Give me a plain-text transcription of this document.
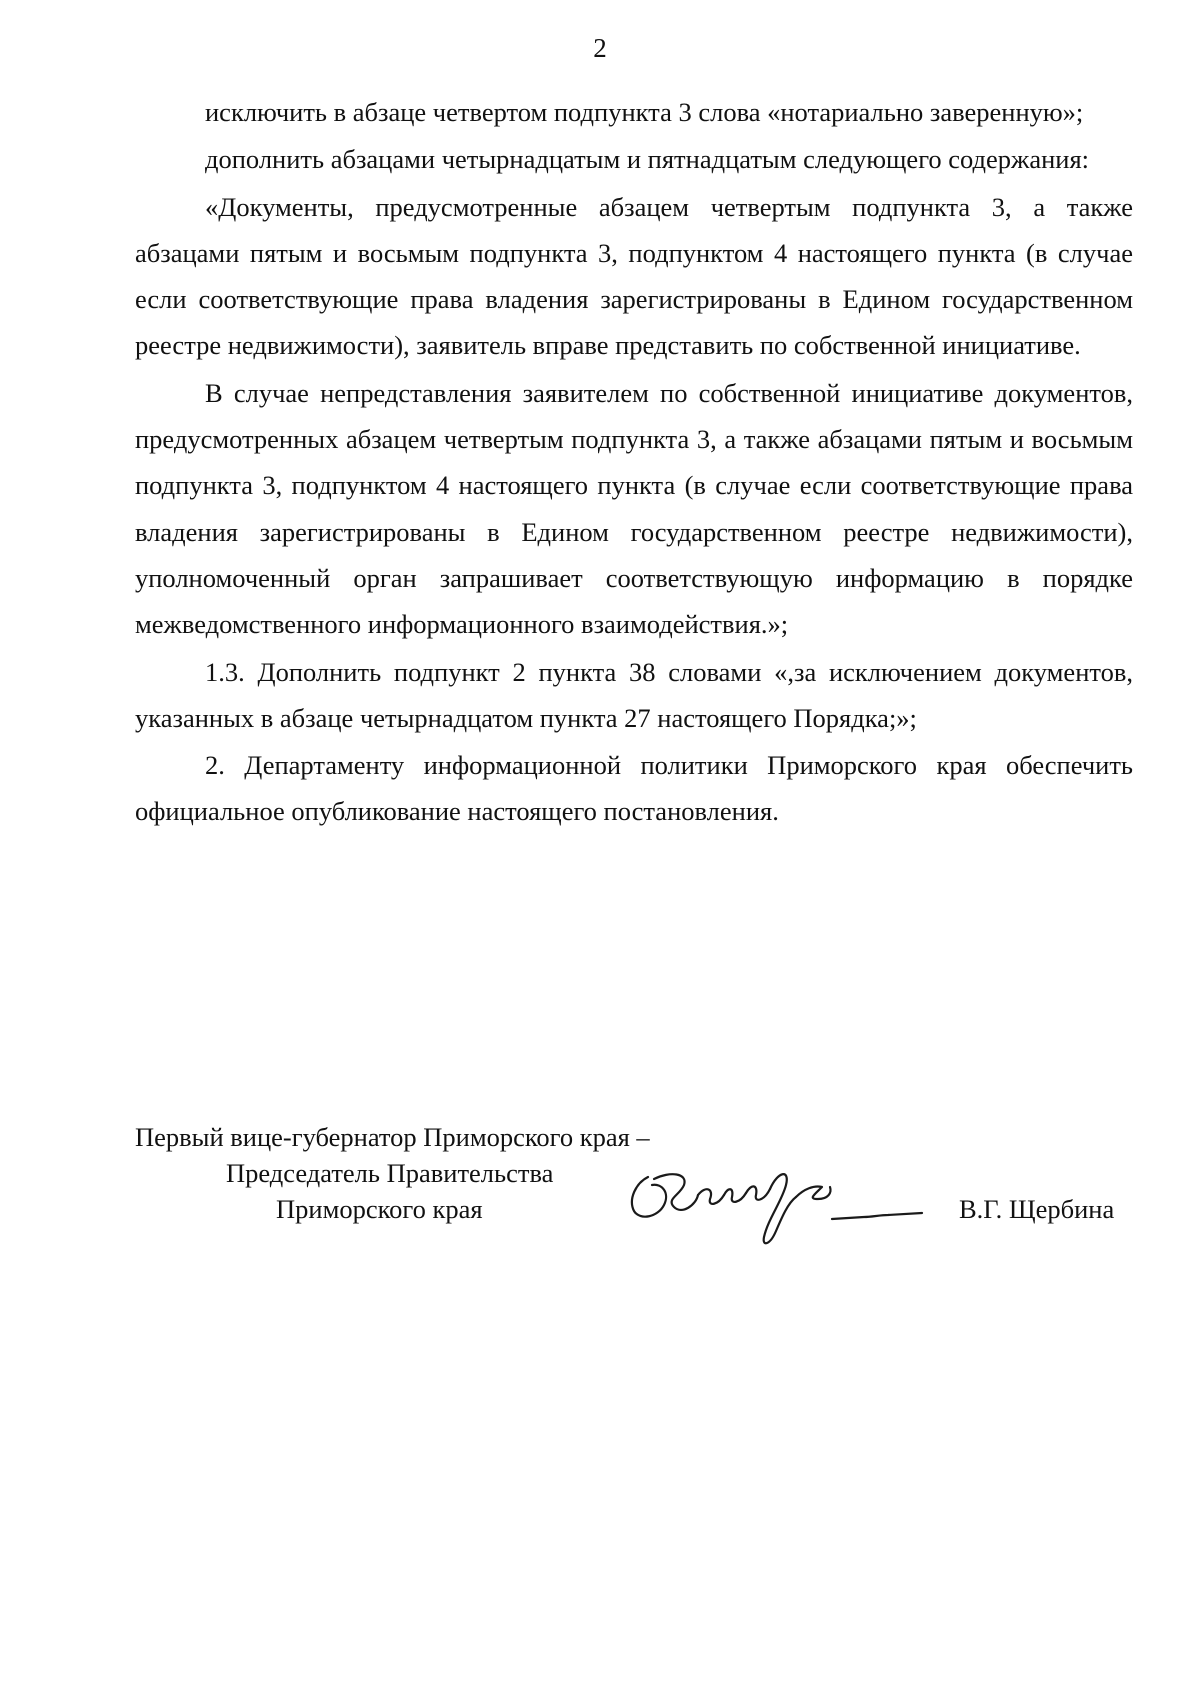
2

исключить в абзаце четвертом подпункта 3 слова «нотариально заверенную»;

дополнить абзацами четырнадцатым и пятнадцатым следующего содержания:

«Документы, предусмотренные абзацем четвертым подпункта 3, а также абзацами пятым и восьмым подпункта 3, подпунктом 4 настоящего пункта (в случае если соответствующие права владения зарегистрированы в Едином государственном реестре недвижимости), заявитель вправе представить по собственной инициативе.

В случае непредставления заявителем по собственной инициативе документов, предусмотренных абзацем четвертым подпункта 3, а также абзацами пятым и восьмым подпункта 3, подпунктом 4 настоящего пункта (в случае если соответствующие права владения зарегистрированы в Едином государственном реестре недвижимости), уполномоченный орган запрашивает соответствующую информацию в порядке межведомственного информационного взаимодействия.»;

1.3. Дополнить подпункт 2 пункта 38 словами «,за исключением документов, указанных в абзаце четырнадцатом пункта 27 настоящего Порядка;»;

2. Департаменту информационной политики Приморского края обеспечить официальное опубликование настоящего постановления.

Первый вице-губернатор Приморского края –
Председатель Правительства
Приморского края	В.Г. Щербина
